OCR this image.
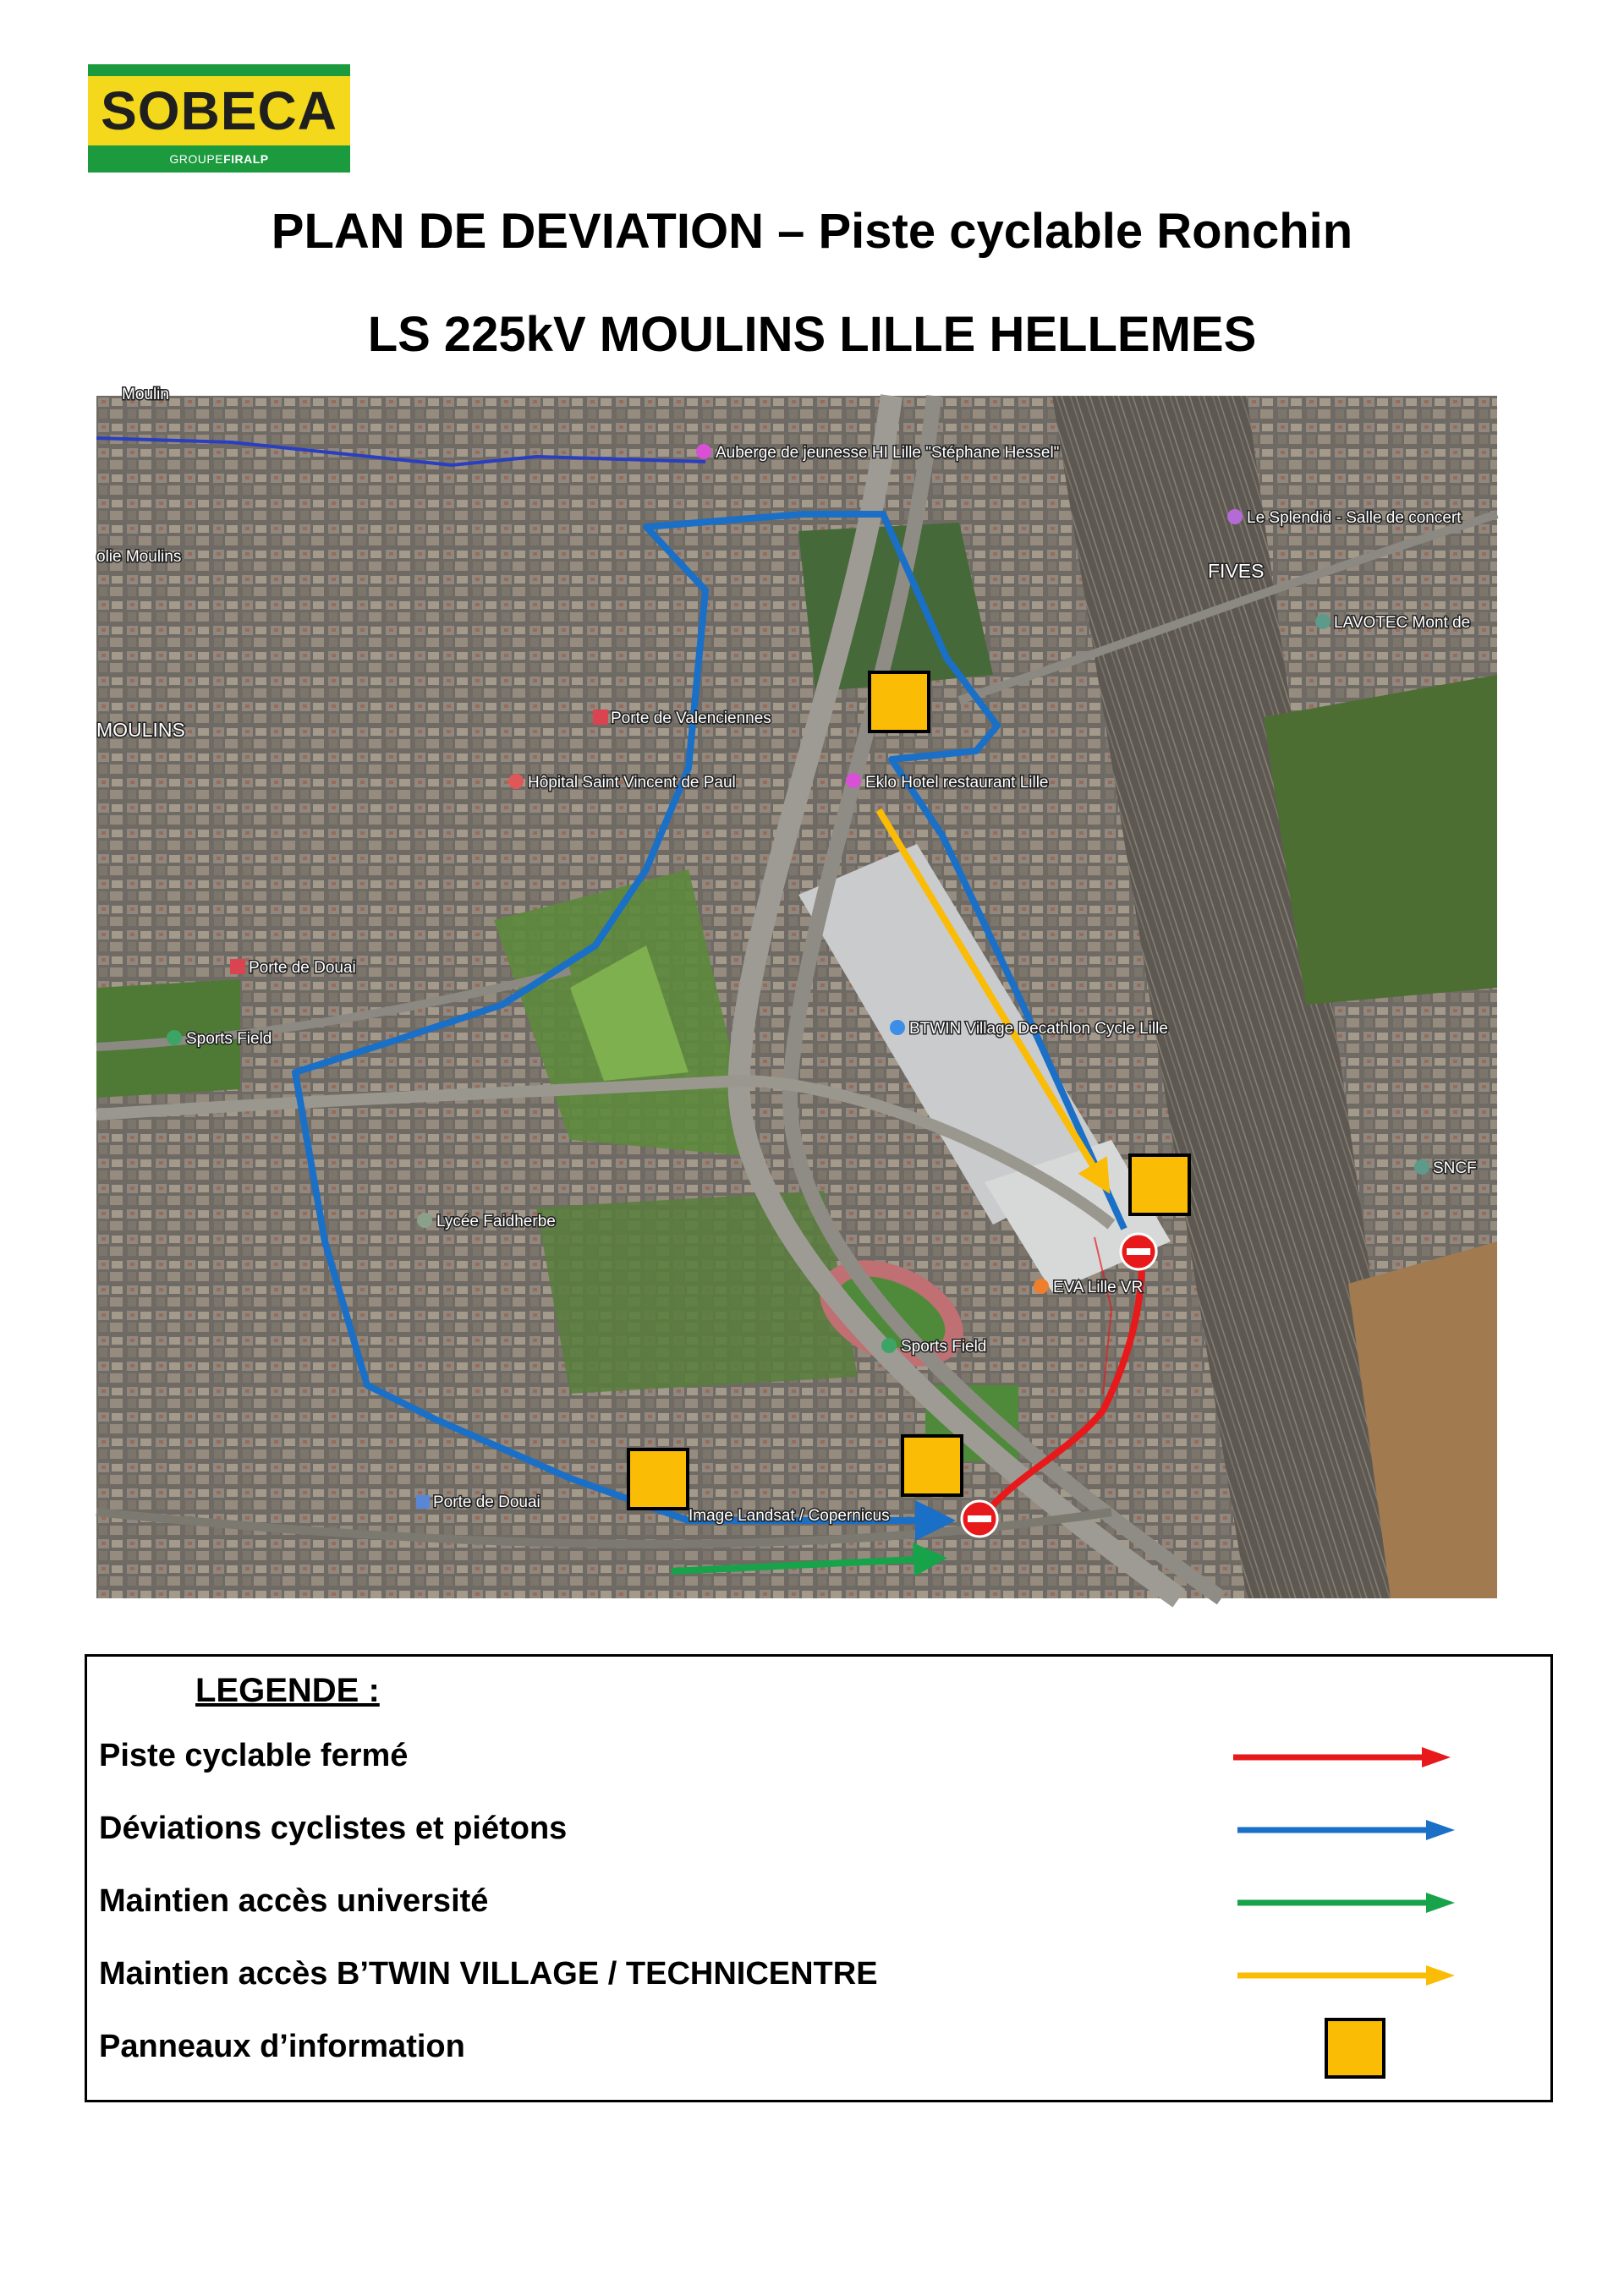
SOBECA
GROUPEFIRALP
PLAN DE DEVIATION – Piste cyclable Ronchin
LS 225kV MOULINS LILLE HELLEMES
Moulin
Auberge de jeunesse HI Lille "Stéphane Hessel"
Le Splendid - Salle de concert
olie Moulins
FIVES
LAVOTEC Mont de
Porte de Valenciennes
MOULINS
Hôpital Saint Vincent de Paul	Eklo Hotel restaurant Lille
Porte de Douai
Sports Field
BTWIN Village Decathlon Cycle Lille
SNCF
Lycée Faidherbe
EVA Lille VR
Sports Field
Porte de Douai
Image Landsat / Copernicus
LEGENDE :
Piste cyclable fermé
Déviations cyclistes et piétons
Maintien accès université
Maintien accès B’TWIN VILLAGE / TECHNICENTRE
Panneaux d’information
